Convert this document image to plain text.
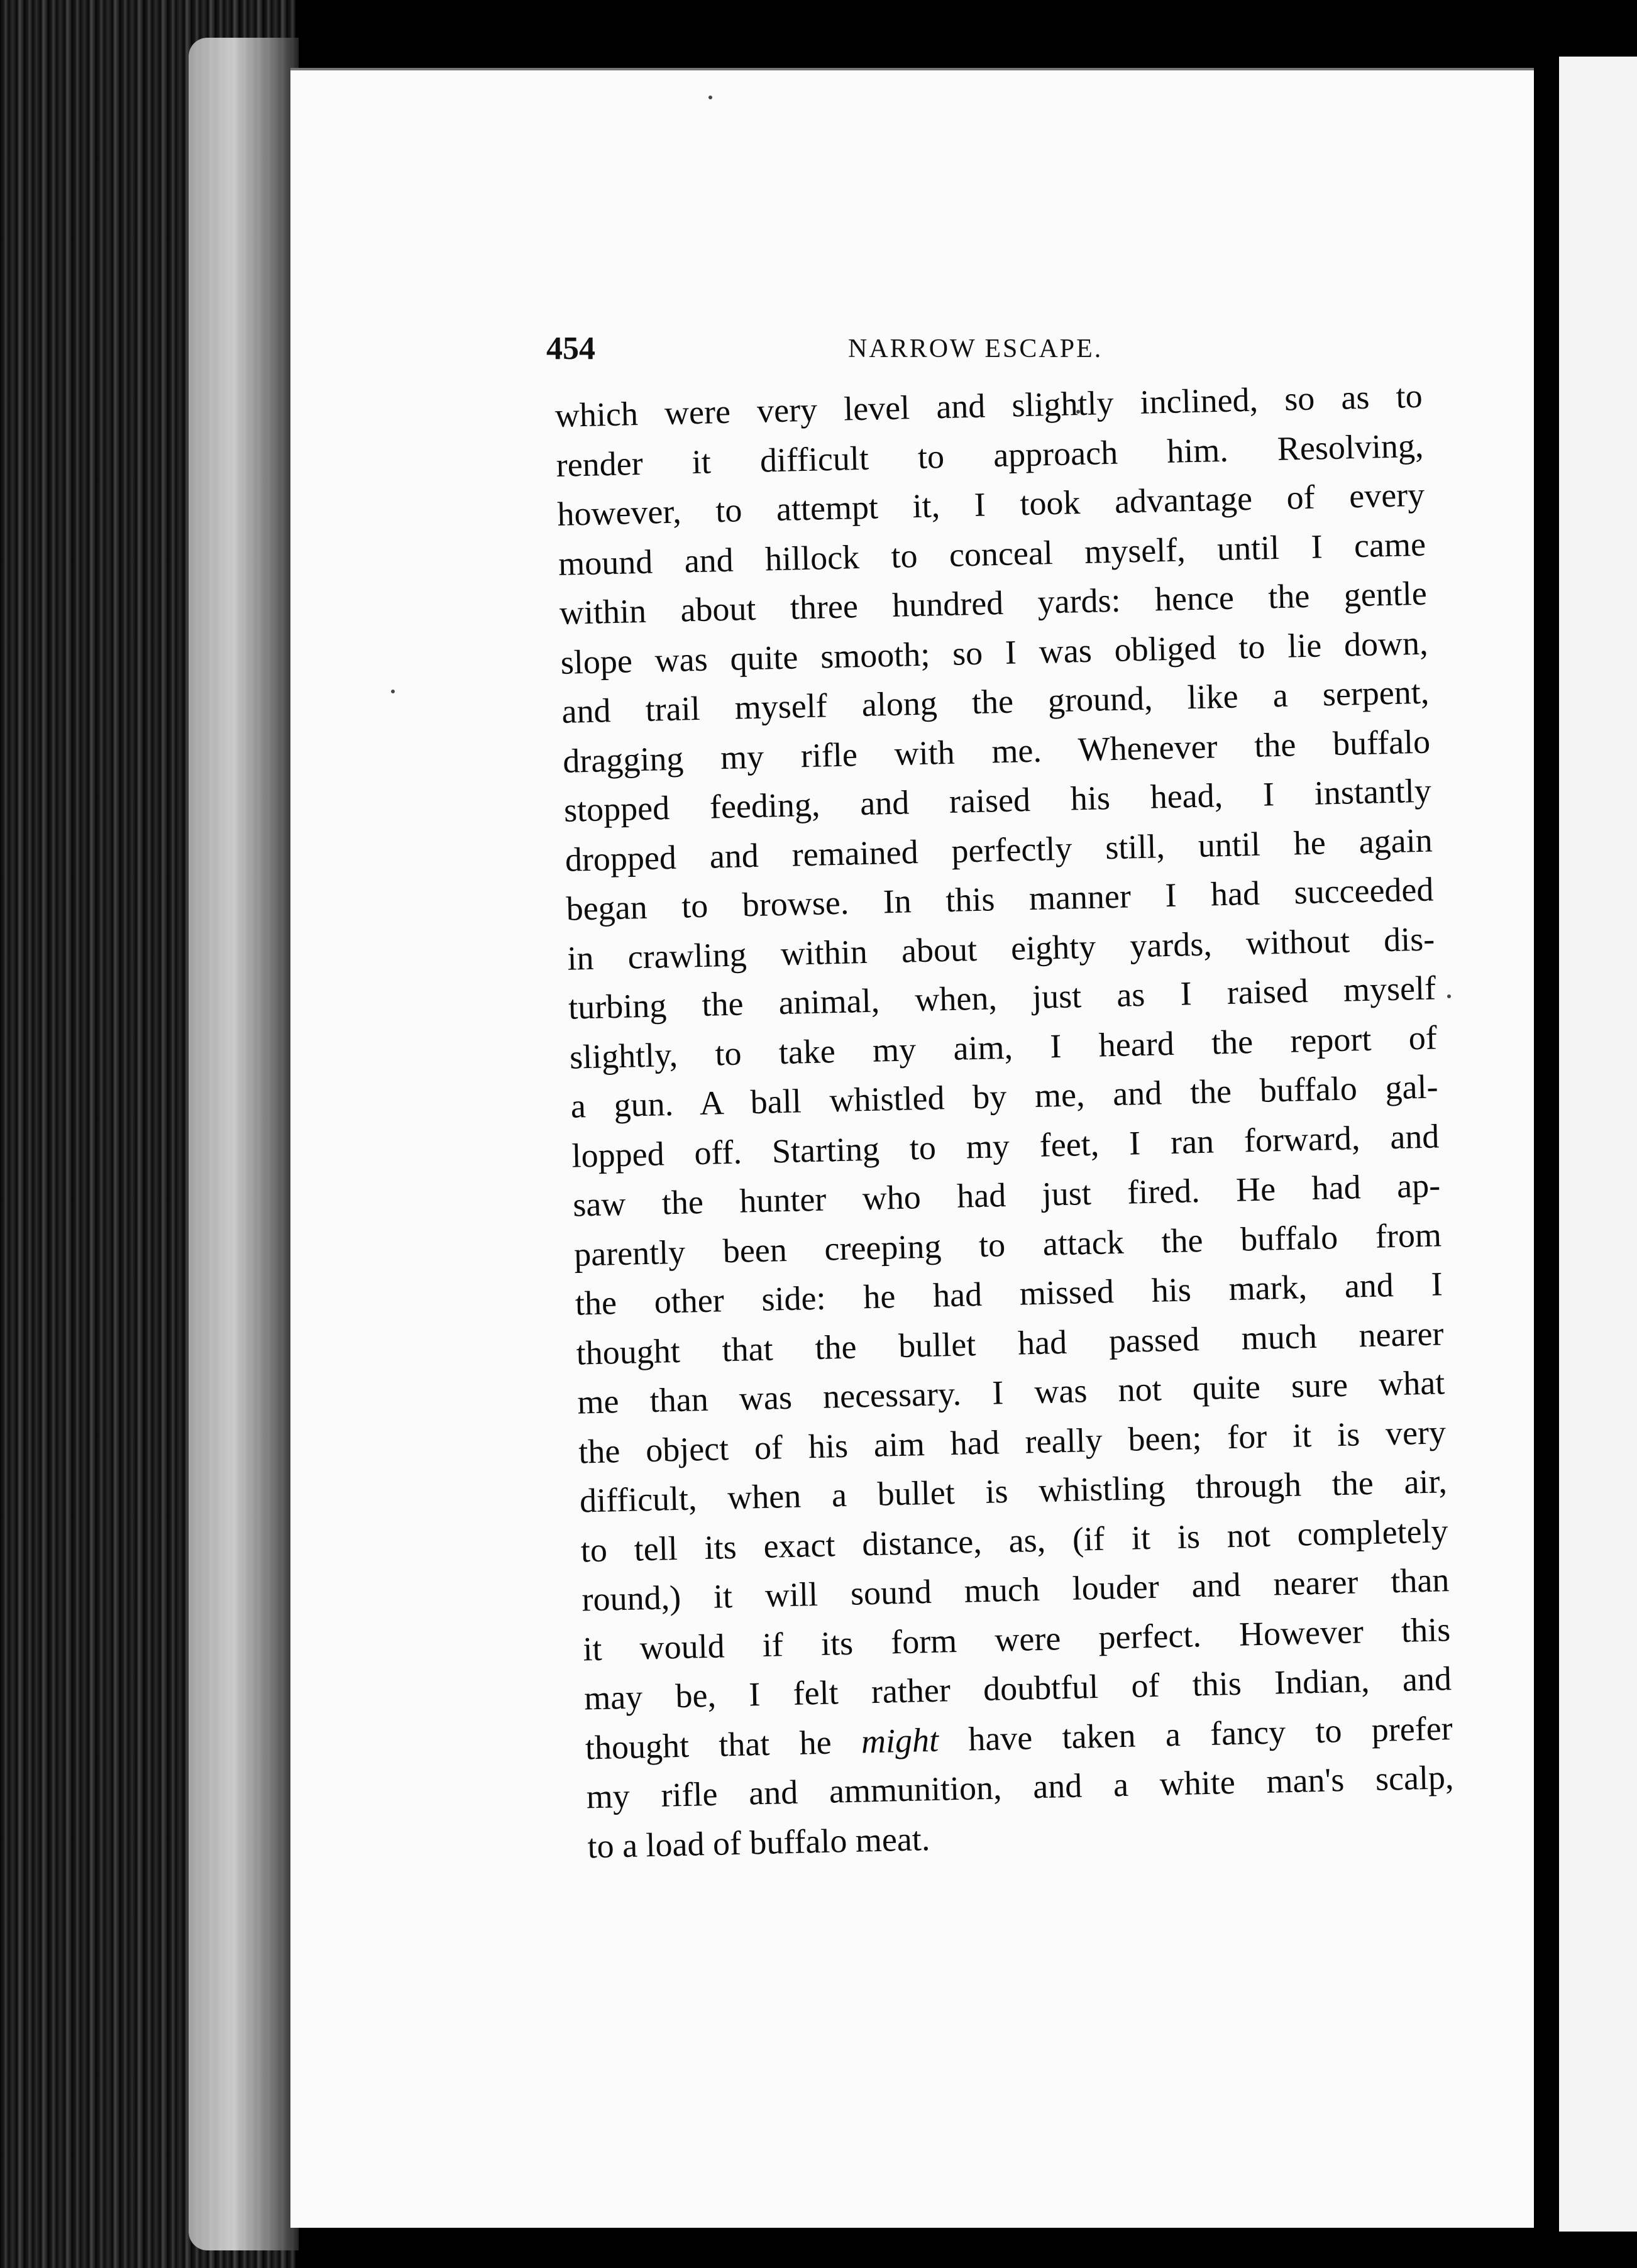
454	NARROW ESCAPE.
which were very level and slightly inclined, so as to
render it difficult to approach him. Resolving,
however, to attempt it, I took advantage of every
mound and hillock to conceal myself, until I came
within about three hundred yards: hence the gentle
slope was quite smooth; so I was obliged to lie down,
and trail myself along the ground, like a serpent,
dragging my rifle with me. Whenever the buffalo
stopped feeding, and raised his head, I instantly
dropped and remained perfectly still, until he again
began to browse. In this manner I had succeeded
in crawling within about eighty yards, without dis-
turbing the animal, when, just as I raised myself
slightly, to take my aim, I heard the report of
a gun. A ball whistled by me, and the buffalo gal-
lopped off. Starting to my feet, I ran forward, and
saw the hunter who had just fired. He had ap-
parently been creeping to attack the buffalo from
the other side: he had missed his mark, and I
thought that the bullet had passed much nearer
me than was necessary. I was not quite sure what
the object of his aim had really been; for it is very
difficult, when a bullet is whistling through the air,
to tell its exact distance, as, (if it is not completely
round,) it will sound much louder and nearer than
it would if its form were perfect. However this
may be, I felt rather doubtful of this Indian, and
thought that he might have taken a fancy to prefer
my rifle and ammunition, and a white man's scalp,
to a load of buffalo meat.
